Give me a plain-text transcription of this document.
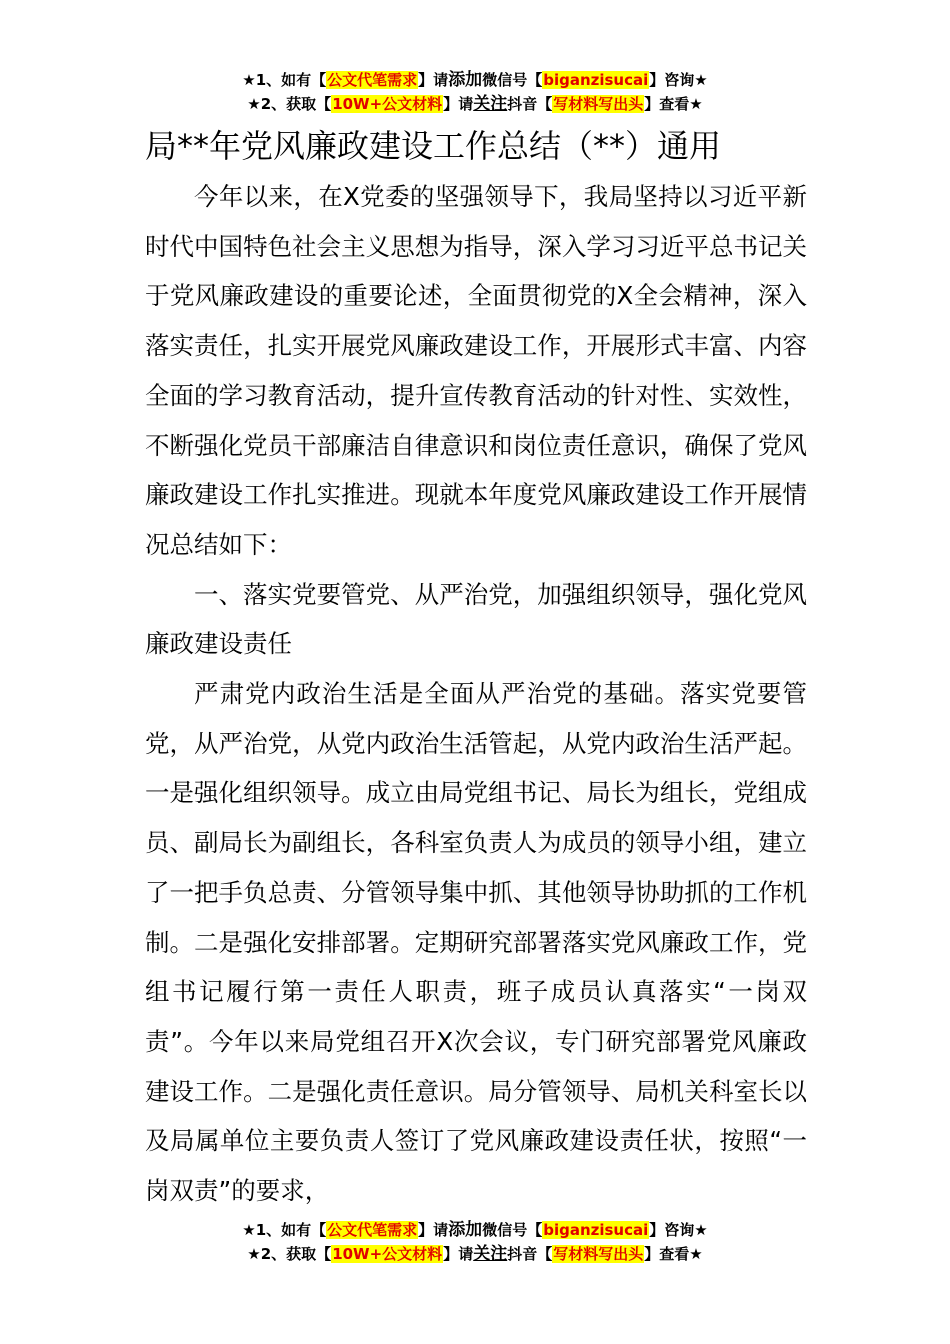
★1、如有【公文代笔需求】请添加微信号【biganzisucai】咨询★
★2、获取【10W+公文材料】请关注抖音【写材料写出头】查看★
局**年党风廉政建设工作总结（**）通用

今年以来，在X党委的坚强领导下，我局坚持以习近平新时代中国特色社会主义思想为指导，深入学习习近平总书记关于党风廉政建设的重要论述，全面贯彻党的X全会精神，深入落实责任，扎实开展党风廉政建设工作，开展形式丰富、内容全面的学习教育活动，提升宣传教育活动的针对性、实效性，不断强化党员干部廉洁自律意识和岗位责任意识，确保了党风廉政建设工作扎实推进。现就本年度党风廉政建设工作开展情况总结如下：

一、落实党要管党、从严治党，加强组织领导，强化党风廉政建设责任

严肃党内政治生活是全面从严治党的基础。落实党要管党，从严治党，从党内政治生活管起，从党内政治生活严起。一是强化组织领导。成立由局党组书记、局长为组长，党组成员、副局长为副组长，各科室负责人为成员的领导小组，建立了一把手负总责、分管领导集中抓、其他领导协助抓的工作机制。二是强化安排部署。定期研究部署落实党风廉政工作，党组书记履行第一责任人职责，班子成员认真落实“一岗双责”。今年以来局党组召开X次会议，专门研究部署党风廉政建设工作。二是强化责任意识。局分管领导、局机关科室长以及局属单位主要负责人签订了党风廉政建设责任状，按照“一岗双责”的要求，

★1、如有【公文代笔需求】请添加微信号【biganzisucai】咨询★
★2、获取【10W+公文材料】请关注抖音【写材料写出头】查看★
